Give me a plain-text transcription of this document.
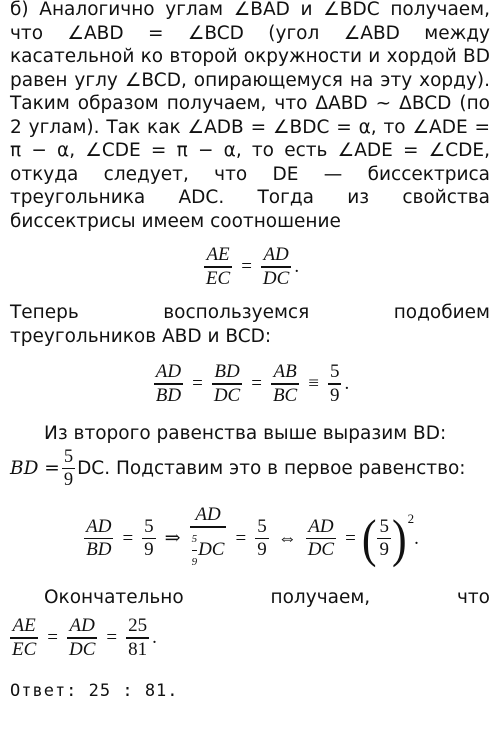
б) Аналогично углам ∠BAD и ∠BDC получаем, что ∠ABD = ∠BCD (угол ∠ABD между касательной ко второй окружности и хордой BD равен углу ∠BCD, опирающемуся на эту хорду). Таким образом получаем, что ΔABD ~ ΔBCD (по 2 углам). Так как ∠ADB = ∠BDC = α, то ∠ADE = π − α, ∠CDE = π − α, то есть ∠ADE = ∠CDE, откуда следует, что DE — биссектриса треугольника ADC. Тогда из свойства биссектрисы имеем соотношение

$\frac{AE}{EC} = \frac{AD}{DC}$ .

Теперь воспользуемся подобием

треугольников ABD и BCD:

$\frac{AD}{BD} = \frac{BD}{DC} = \frac{AB}{BC} \equiv \frac{5}{9}$ .

Из второго равенства выше выразим BD:

BD = $\frac{5}{9}$ DC. Подставим это в первое равенство:
$\frac{AD}{BD} = \frac{5}{9}$ ⇒ $\frac{AD}{\frac{5}{9} DC} = \frac{5}{9}$ ⇔ $\frac{AD}{DC}$ = ( $\frac{5}{9}$ ) 2
.

Окончательно получаем, что

$\frac{AE}{EC} = \frac{AD}{DC} = \frac{25}{81}$ .
Ответ: 25 : 81.
